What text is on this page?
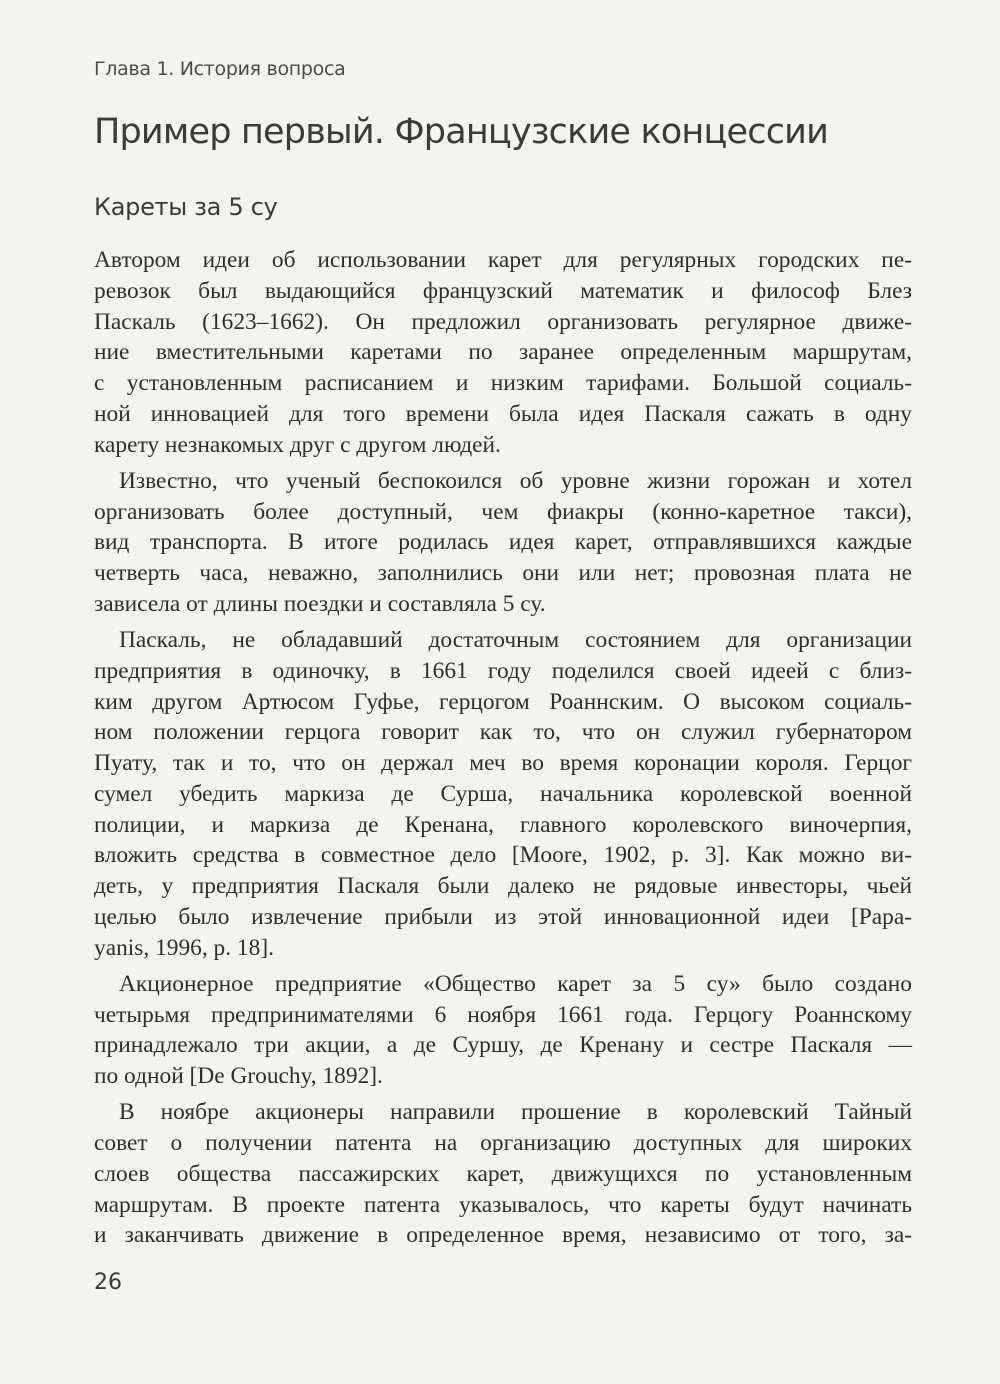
Глава 1. История вопроса
Пример первый. Французские концессии
Кареты за 5 су
Автором идеи об использовании карет для регулярных городских пе-
ревозок был выдающийся французский математик и философ Блез
Паскаль (1623–1662). Он предложил организовать регулярное движе-
ние вместительными каретами по заранее определенным маршрутам,
с установленным расписанием и низким тарифами. Большой социаль-
ной инновацией для того времени была идея Паскаля сажать в одну
карету незнакомых друг с другом людей.
Известно, что ученый беспокоился об уровне жизни горожан и хотел
организовать более доступный, чем фиакры (конно-каретное такси),
вид транспорта. В итоге родилась идея карет, отправлявшихся каждые
четверть часа, неважно, заполнились они или нет; провозная плата не
зависела от длины поездки и составляла 5 су.
Паскаль, не обладавший достаточным состоянием для организации
предприятия в одиночку, в 1661 году поделился своей идеей с близ-
ким другом Артюсом Гуфье, герцогом Роаннским. О высоком социаль-
ном положении герцога говорит как то, что он служил губернатором
Пуату, так и то, что он держал меч во время коронации короля. Герцог
сумел убедить маркиза де Сурша, начальника королевской военной
полиции, и маркиза де Кренана, главного королевского виночерпия,
вложить средства в совместное дело [Moore, 1902, p. 3]. Как можно ви-
деть, у предприятия Паскаля были далеко не рядовые инвесторы, чьей
целью было извлечение прибыли из этой инновационной идеи [Papa-
yanis, 1996, p. 18].
Акционерное предприятие «Общество карет за 5 су» было создано
четырьмя предпринимателями 6 ноября 1661 года. Герцогу Роаннскому
принадлежало три акции, а де Суршу, де Кренану и сестре Паскаля —
по одной [De Grouchy, 1892].
В ноябре акционеры направили прошение в королевский Тайный
совет о получении патента на организацию доступных для широких
слоев общества пассажирских карет, движущихся по установленным
маршрутам. В проекте патента указывалось, что кареты будут начинать
и заканчивать движение в определенное время, независимо от того, за-
26
